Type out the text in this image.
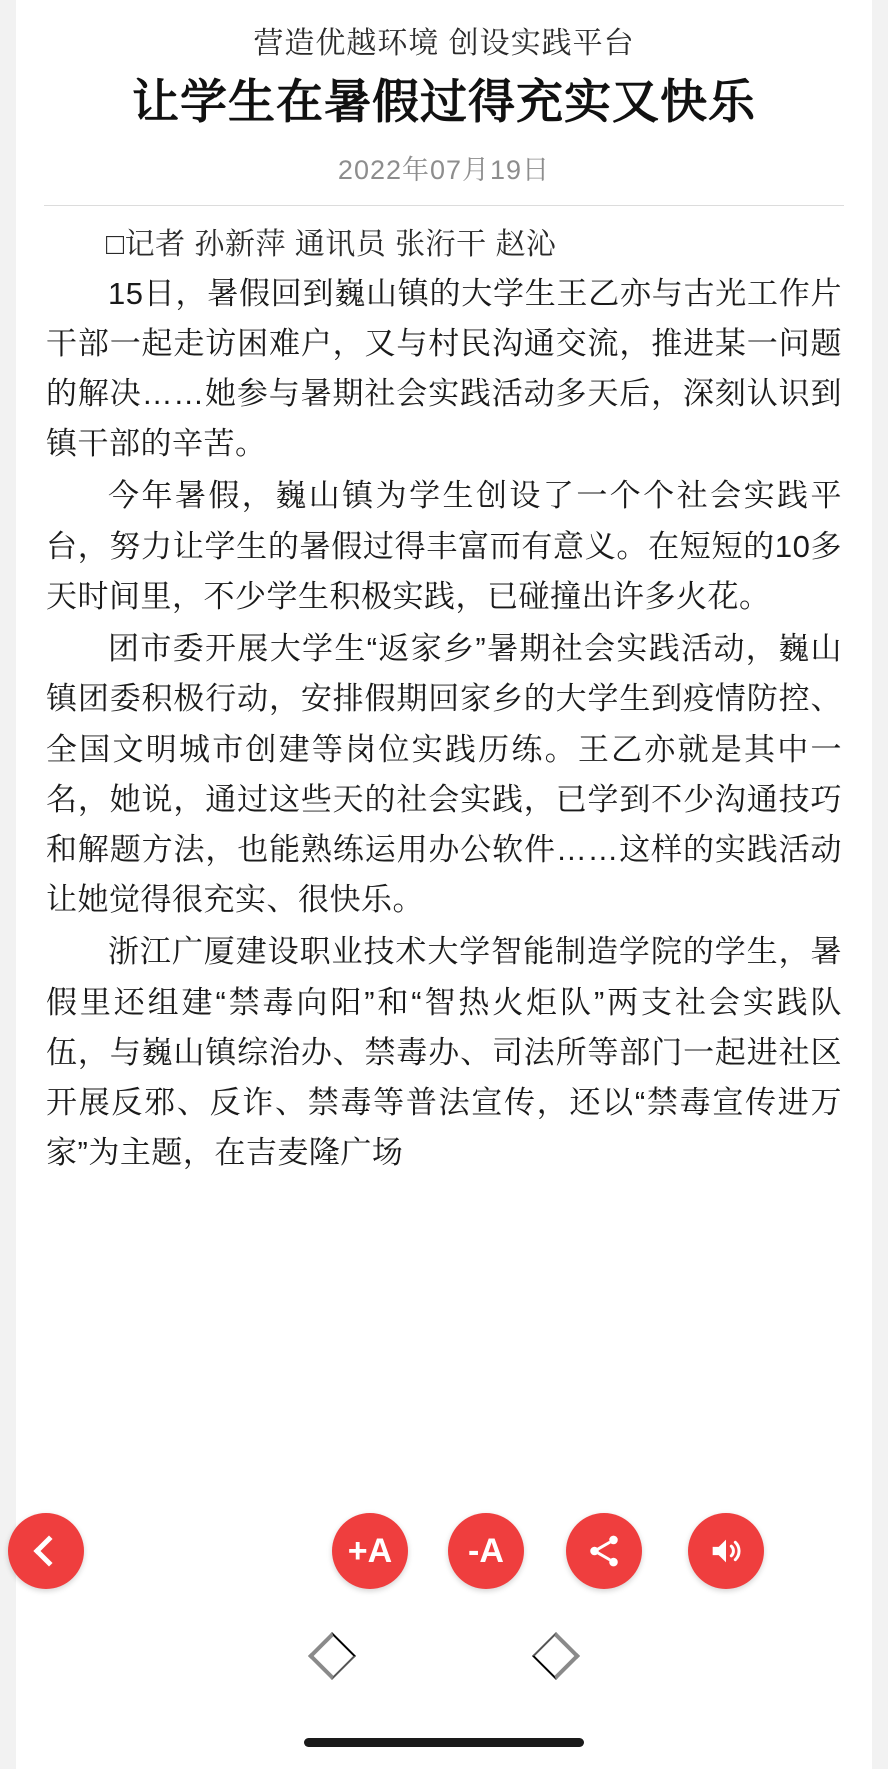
营造优越环境 创设实践平台
让学生在暑假过得充实又快乐
2022年07月19日

□记者 孙新萍 通讯员 张洐干 赵沁

15日，暑假回到巍山镇的大学生王乙亦与古光工作片干部一起走访困难户，又与村民沟通交流，推进某一问题的解决……她参与暑期社会实践活动多天后，深刻认识到镇干部的辛苦。

今年暑假，巍山镇为学生创设了一个个社会实践平台，努力让学生的暑假过得丰富而有意义。在短短的10多天时间里，不少学生积极实践，已碰撞出许多火花。

团市委开展大学生“返家乡”暑期社会实践活动，巍山镇团委积极行动，安排假期回家乡的大学生到疫情防控、全国文明城市创建等岗位实践历练。王乙亦就是其中一名，她说，通过这些天的社会实践，已学到不少沟通技巧和解题方法，也能熟练运用办公软件……这样的实践活动让她觉得很充实、很快乐。

浙江广厦建设职业技术大学智能制造学院的学生，暑假里还组建“禁毒向阳”和“智热火炬队”两支社会实践队伍，与巍山镇综治办、禁毒办、司法所等部门一起进社区开展反邪、反诈、禁毒等普法宣传，还以“禁毒宣传进万家”为主题，在吉麦隆广场

+A -A
